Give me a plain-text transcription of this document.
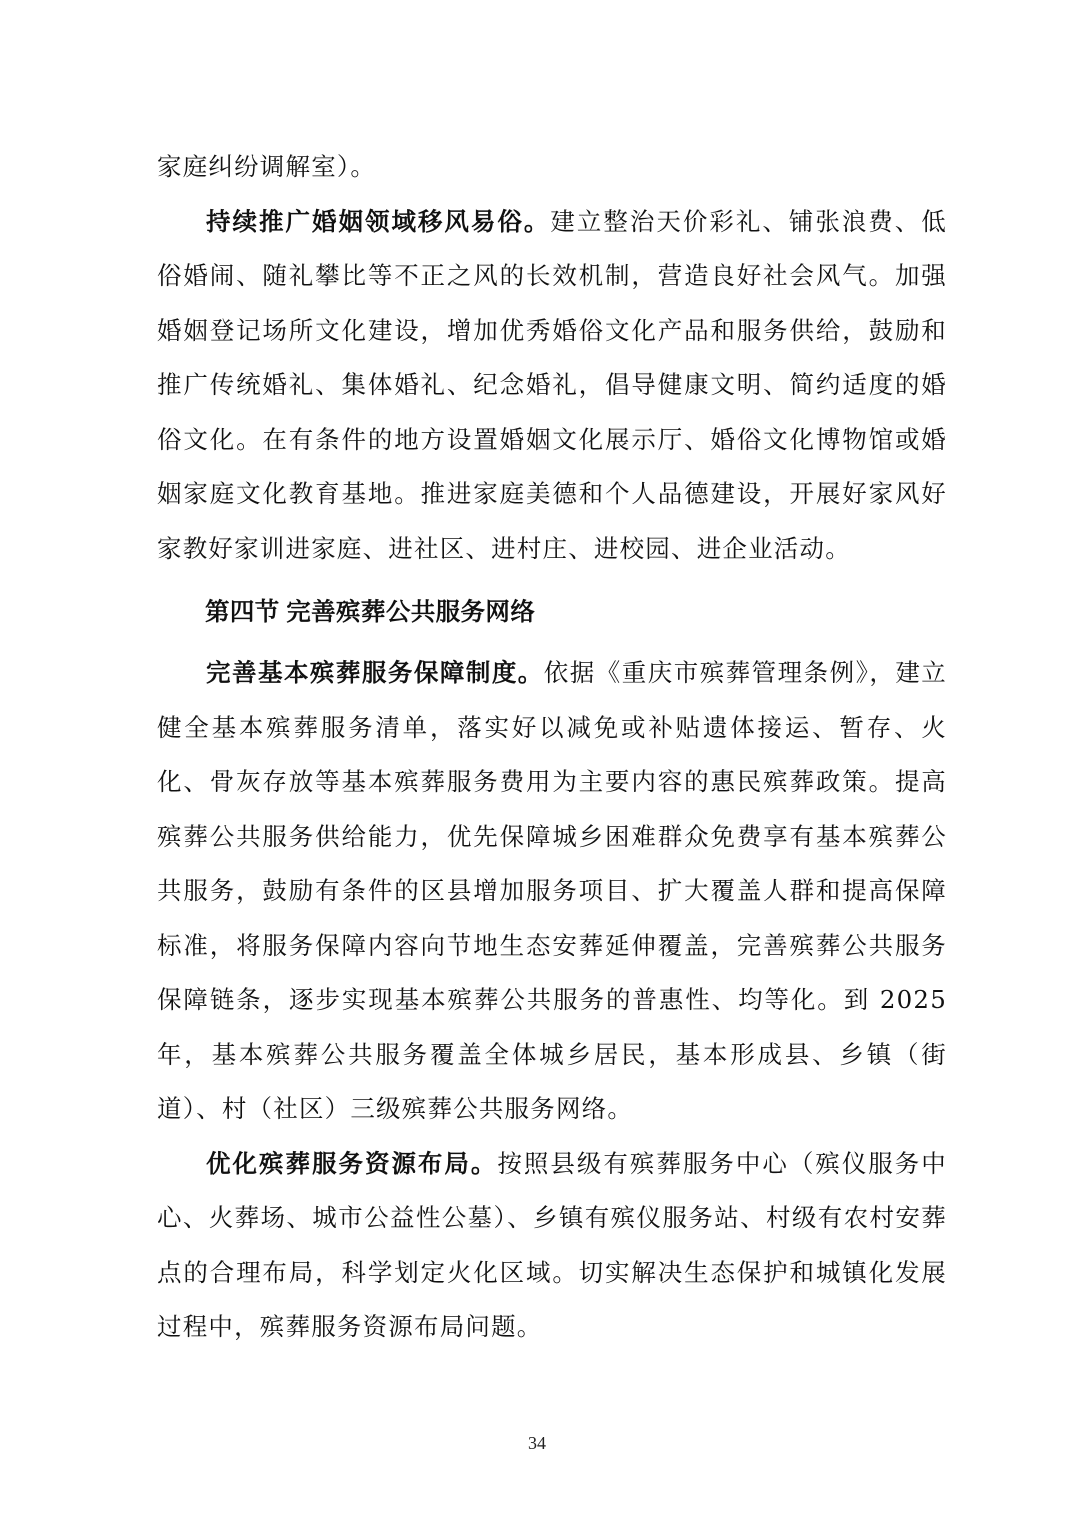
家庭纠纷调解室）。

持续推广婚姻领域移风易俗。建立整治天价彩礼、铺张浪费、低俗婚闹、随礼攀比等不正之风的长效机制，营造良好社会风气。加强婚姻登记场所文化建设，增加优秀婚俗文化产品和服务供给，鼓励和推广传统婚礼、集体婚礼、纪念婚礼，倡导健康文明、简约适度的婚俗文化。在有条件的地方设置婚姻文化展示厅、婚俗文化博物馆或婚姻家庭文化教育基地。推进家庭美德和个人品德建设，开展好家风好家教好家训进家庭、进社区、进村庄、进校园、进企业活动。

第四节 完善殡葬公共服务网络

完善基本殡葬服务保障制度。依据《重庆市殡葬管理条例》，建立健全基本殡葬服务清单，落实好以减免或补贴遗体接运、暂存、火化、骨灰存放等基本殡葬服务费用为主要内容的惠民殡葬政策。提高殡葬公共服务供给能力，优先保障城乡困难群众免费享有基本殡葬公共服务，鼓励有条件的区县增加服务项目、扩大覆盖人群和提高保障标准，将服务保障内容向节地生态安葬延伸覆盖，完善殡葬公共服务保障链条，逐步实现基本殡葬公共服务的普惠性、均等化。到 2025 年，基本殡葬公共服务覆盖全体城乡居民，基本形成县、乡镇（街道）、村（社区）三级殡葬公共服务网络。

优化殡葬服务资源布局。按照县级有殡葬服务中心（殡仪服务中心、火葬场、城市公益性公墓）、乡镇有殡仪服务站、村级有农村安葬点的合理布局，科学划定火化区域。切实解决生态保护和城镇化发展过程中，殡葬服务资源布局问题。

34
